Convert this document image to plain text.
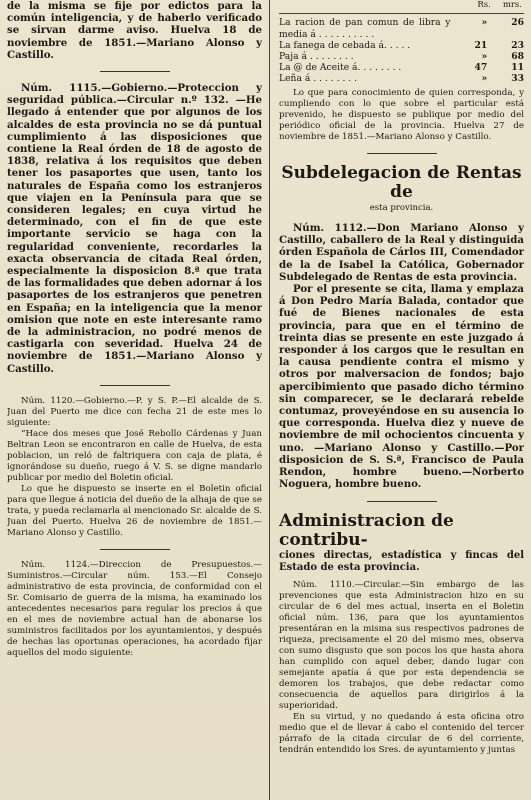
de la misma se fije por edictos para la común inteligencia, y de haberlo verificado se sirvan darme aviso. Huelva 18 de noviembre de 1851.—Mariano Alonso y Castillo.

Núm. 1115.—Gobierno.—Proteccion y seguridad pública.—Circular n.º 132. —He llegado á entender que por algunos de los alcaldes de esta provincia no se dá puntual cumplimiento á las disposiciones que contiene la Real órden de 18 de agosto de 1838, relativa á los requisitos que deben tener los pasaportes que usen, tanto los naturales de España como los estranjeros que viajen en la Península para que se consideren legales; en cuya virtud he determinado, con el fin de que este importante servicio se haga con la regularidad conveniente, recordarles la exacta observancia de citada Real órden, especialmente la disposicion 8.ª que trata de las formalidades que deben adornar á los pasaportes de los estranjeros que penetren en España; en la inteligencia que la menor omision que note en este interesante ramo de la administracion, no podré menos de castigarla con severidad. Huelva 24 de noviembre de 1851.—Mariano Alonso y Castillo.

Núm. 1120.—Gobierno.—P. y S. P.—El alcalde de S. Juan del Puerto me dice con fecha 21 de este mes lo siguiente:

“Hace dos meses que José Rebollo Cárdenas y Juan Beltran Leon se encontraron en calle de Huelva, de esta poblacion, un reló de faltriquera con caja de plata, é ignorándose su dueño, ruego á V. S. se digne mandarlo publicar por medio del Boletin oficial.

Lo que he dispuesto se inserte en el Boletin oficial para que llegue á noticia del dueño de la alhaja de que se trata, y pueda reclamarla al mencionado Sr. alcalde de S. Juan del Puerto. Huelva 26 de noviembre de 1851.—Mariano Alonso y Castillo.

Núm. 1124.—Direccion de Presupuestos.—Suministros.—Circular núm. 153.—El Consejo administrativo de esta provincia, de conformidad con el Sr. Comisario de guerra de la misma, ha examinado los antecedentes necesarios para regular los precios á que en el mes de noviembre actual han de abonarse los suministros facilitados por los ayuntamientos, y después de hechas las oportunas operaciones, ha acordado fijar aquellos del modo siguiente:

Rs. mrs.
La racion de pan comun de libra y media á . . . . . . . . . .	»	26
La fanega de cebada á. . . . .	21	23
Paja á . . . . . . . .	»	68
La @ de Aceite á. . . . . . . .	47	11
Leña á . . . . . . . .	»	33

Lo que para conocimiento de quien corresponda, y cumpliendo con lo que sobre el particular está prevenido, he dispuesto se publique por medio del periódico oficial de la provincia. Huelva 27 de noviembre de 1851.—Mariano Alonso y Castillo.

Subdelegacion de Rentas de
esta provincia.

Núm. 1112.—Don Mariano Alonso y Castillo, caballero de la Real y distinguida órden Española de Cárlos III, Comendador de la de Isabel la Católica, Gobernador Subdelegado de Rentas de esta provincia.

Por el presente se cita, llama y emplaza á Don Pedro María Balada, contador que fué de Bienes nacionales de esta provincia, para que en el término de treinta dias se presente en este juzgado á responder á los cargos que le resultan en la causa pendiente contra el mismo y otros por malversacion de fondos; bajo apercibimiento que pasado dicho término sin comparecer, se le declarará rebelde contumaz, proveyéndose en su ausencia lo que corresponda. Huelva diez y nueve de noviembre de mil ochocientos cincuenta y uno. —Mariano Alonso y Castillo.—Por disposicion de S. S.ª, Francisco de Paula Rendon, hombre bueno.—Norberto Noguera, hombre bueno.

Administracion de contribu-
ciones directas, estadística y fincas del Estado de esta provincia.

Núm. 1110.—Circular.—Sin embargo de las prevenciones que esta Administracion hizo en su circular de 6 del mes actual, inserta en el Boletin oficial núm. 136, para que los ayuntamientos presentáran en la misma sus respectivos padrones de riqueza, precisamente el 20 del mismo mes, observa con sumo disgusto que son pocos los que hasta ahora han cumplido con aquel deber, dando lugar con semejante apatía á que por esta dependencia se demoren los trabajos, que debe redactar como consecuencia de aquellos para dirigirlos á la superioridad.

En su virtud, y no quedando á esta oficina otro medio que el de llevar á cabo el contenido del tercer párrafo de la citada circular de 6 del corriente, tendrán entendido los Sres. de ayuntamiento y juntas
